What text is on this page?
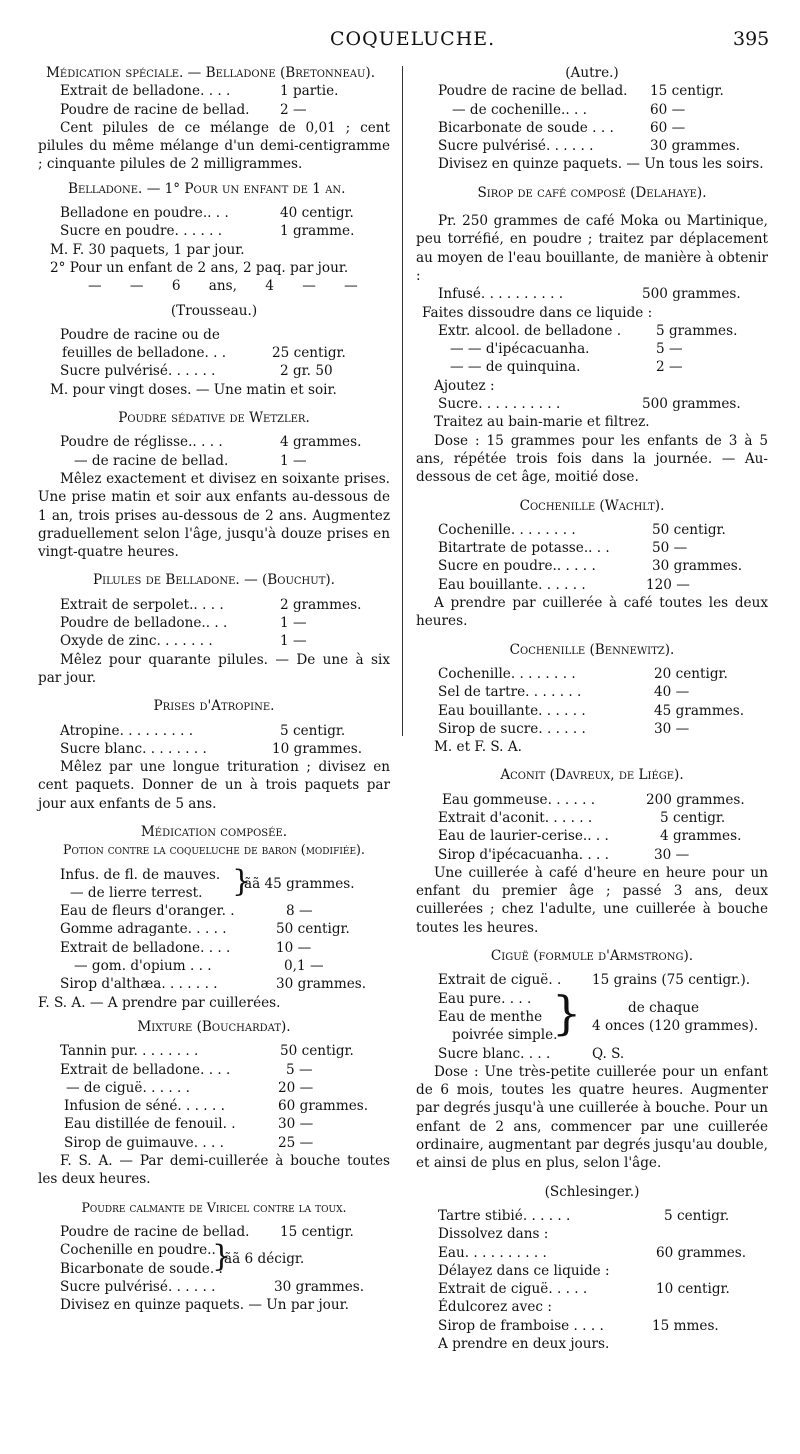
COQUELUCHE.	395
Médication spéciale. — Belladone (Bretonneau).
Extrait de belladone. . . .	1 partie.
Poudre de racine de bellad. 2 —
Cent pilules de ce mélange de 0,01 ; cent pilules du même mélange d'un demi-centigramme ; cinquante pilules de 2 milligrammes.
Belladone. — 1° Pour un enfant de 1 an.
Belladone en poudre.. . .	40 centigr.
Sucre en poudre. . . . . .	1 gramme.
M. F. 30 paquets, 1 par jour.
2° Pour un enfant de 2 ans, 2 paq. par jour.
— — 6 ans, 4 — —
(Trousseau.)
Poudre de racine ou de
feuilles de belladone. . .	25 centigr.
Sucre pulvérisé. . . . . .	2 gr. 50
M. pour vingt doses. — Une matin et soir.
Poudre sédative de Wetzler.
Poudre de réglisse.. . . .	4 grammes.
— de racine de bellad.	1 —
Mêlez exactement et divisez en soixante prises. Une prise matin et soir aux enfants au-dessous de 1 an, trois prises au-dessous de 2 ans. Augmentez graduellement selon l'âge, jusqu'à douze prises en vingt-quatre heures.
Pilules de Belladone. — (Bouchut).
Extrait de serpolet.. . . .	2 grammes.
Poudre de belladone.. . .	1 —
Oxyde de zinc. . . . . . .	1 —
Mêlez pour quarante pilules. — De une à six par jour.
Prises d'Atropine.
Atropine. . . . . . . . .	5 centigr.
Sucre blanc. . . . . . . .	10 grammes.
Mêlez par une longue trituration ; divisez en cent paquets. Donner de un à trois paquets par jour aux enfants de 5 ans.
Médication composée.
Potion contre la coqueluche de baron (modifiée).
Infus. de fl. de mauves.
— de lierre terrest. }
ãã 45 grammes.
Eau de fleurs d'oranger. .	8 —
Gomme adragante. . . . .	50 centigr.
Extrait de belladone. . . .	10 —
— gom. d'opium . . .	0,1 —
Sirop d'althæa. . . . . . .	30 grammes.
F. S. A. — A prendre par cuillerées.
Mixture (Bouchardat).
Tannin pur. . . . . . . .	50 centigr.
Extrait de belladone. . . .	5 —
— de ciguë. . . . . .	20 —
Infusion de séné. . . . . .	60 grammes.
Eau distillée de fenouil. .	30 —
Sirop de guimauve. . . .	25 —
F. S. A. — Par demi-cuillerée à bouche toutes les deux heures.
Poudre calmante de Viricel contre la toux.
Poudre de racine de bellad. 15 centigr.
Cochenille en poudre..
Bicarbonate de soude. .
}
ãã 6 décigr.
Sucre pulvérisé. . . . . .	30 grammes.
Divisez en quinze paquets. — Un par jour.
(Autre.)
Poudre de racine de bellad. 15 centigr.
— de cochenille.. . .	60 —
Bicarbonate de soude . . .	60 —
Sucre pulvérisé. . . . . .	30 grammes.
Divisez en quinze paquets. — Un tous les soirs.
Sirop de café composé (Delahaye).
Pr. 250 grammes de café Moka ou Martinique, peu torréfié, en poudre ; traitez par déplacement au moyen de l'eau bouillante, de manière à obtenir :
Infusé. . . . . . . . . .	500 grammes.
Faites dissoudre dans ce liquide :
Extr. alcool. de belladone .	5 grammes.
— — d'ipécacuanha.	5 —
— — de quinquina.	2 —
Ajoutez :
Sucre. . . . . . . . . .	500 grammes.
Traitez au bain-marie et filtrez.
Dose : 15 grammes pour les enfants de 3 à 5 ans, répétée trois fois dans la journée. — Au-dessous de cet âge, moitié dose.
Cochenille (Wachlt).
Cochenille. . . . . . . .	50 centigr.
Bitartrate de potasse.. . .	50 —
Sucre en poudre.. . . . .	30 grammes.
Eau bouillante. . . . . .	120 —
A prendre par cuillerée à café toutes les deux heures.
Cochenille (Bennewitz).
Cochenille. . . . . . . .	20 centigr.
Sel de tartre. . . . . . .	40 —
Eau bouillante. . . . . .	45 grammes.
Sirop de sucre. . . . . .	30 —
M. et F. S. A.
Aconit (Davreux, de Liége).
Eau gommeuse. . . . . .	200 grammes.
Extrait d'aconit. . . . . .	5 centigr.
Eau de laurier-cerise.. . .	4 grammes.
Sirop d'ipécacuanha. . . .	30 —
Une cuillerée à café d'heure en heure pour un enfant du premier âge ; passé 3 ans, deux cuillerées ; chez l'adulte, une cuillerée à bouche toutes les heures.
Ciguë (formule d'Armstrong).
Extrait de ciguë. . 15 grains (75 centigr.).
Eau pure. . . .
Eau de menthe
poivrée simple.
}	de chaque
4 onces (120 grammes).
Sucre blanc. . . .	Q. S.
Dose : Une très-petite cuillerée pour un enfant de 6 mois, toutes les quatre heures. Augmenter par degrés jusqu'à une cuillerée à bouche. Pour un enfant de 2 ans, commencer par une cuillerée ordinaire, augmentant par degrés jusqu'au double, et ainsi de plus en plus, selon l'âge.
(Schlesinger.)
Tartre stibié. . . . . .	5 centigr.
Dissolvez dans :
Eau. . . . . . . . . .	60 grammes.
Délayez dans ce liquide :
Extrait de ciguë. . . . .	10 centigr.
Édulcorez avec :
Sirop de framboise . . . .	15 mmes.
A prendre en deux jours.
